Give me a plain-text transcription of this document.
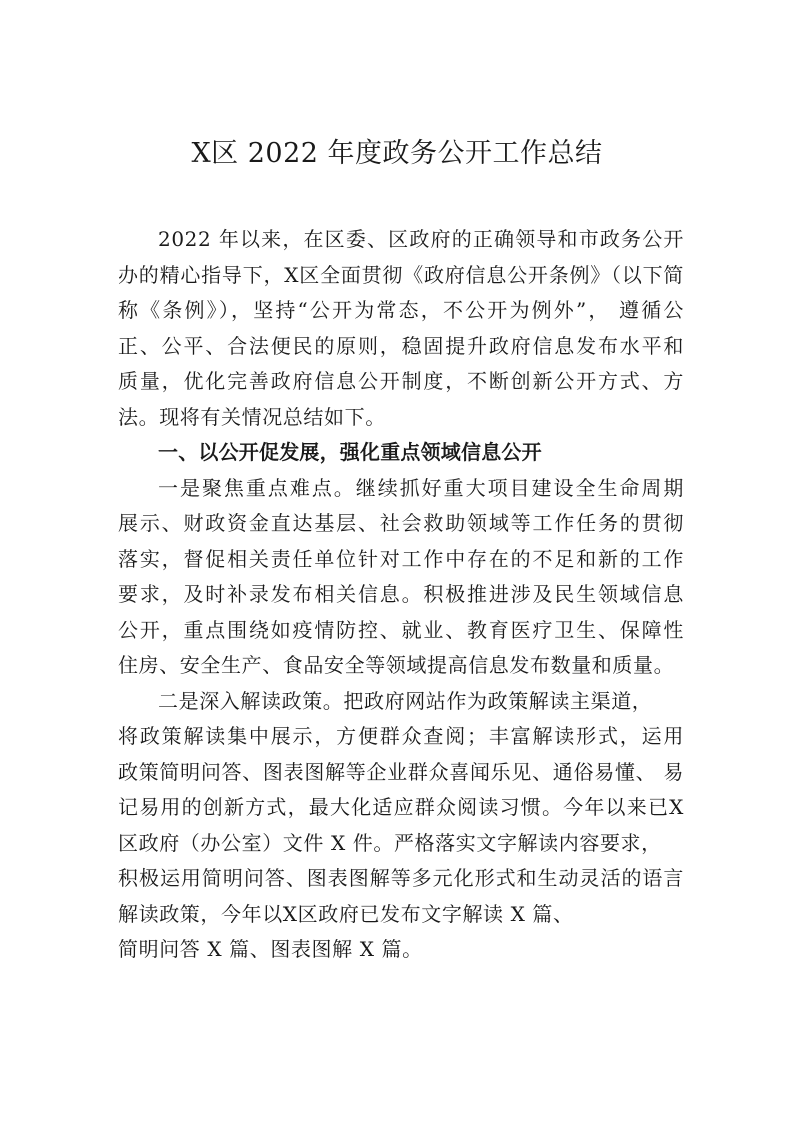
X区 2022 年度政务公开工作总结
2022 年以来，在区委、区政府的正确领导和市政务公开
办的精心指导下，X区全面贯彻《政府信息公开条例》（以下简
称《条例》），坚持“公开为常态，不公开为例外”， 遵循公
正、公平、合法便民的原则，稳固提升政府信息发布水平和
质量，优化完善政府信息公开制度，不断创新公开方式、方
法。现将有关情况总结如下。
一、以公开促发展，强化重点领域信息公开
一是聚焦重点难点。继续抓好重大项目建设全生命周期
展示、财政资金直达基层、社会救助领域等工作任务的贯彻
落实，督促相关责任单位针对工作中存在的不足和新的工作
要求，及时补录发布相关信息。积极推进涉及民生领域信息
公开，重点围绕如疫情防控、就业、教育医疗卫生、保障性
住房、安全生产、食品安全等领域提高信息发布数量和质量。
二是深入解读政策。把政府网站作为政策解读主渠道，
将政策解读集中展示，方便群众查阅；丰富解读形式，运用
政策简明问答、图表图解等企业群众喜闻乐见、通俗易懂、 易
记易用的创新方式，最大化适应群众阅读习惯。今年以来已X
区政府（办公室）文件 X 件。严格落实文字解读内容要求，
积极运用简明问答、图表图解等多元化形式和生动灵活的语言
解读政策，今年以X区政府已发布文字解读 X 篇、
简明问答 X 篇、图表图解 X 篇。
